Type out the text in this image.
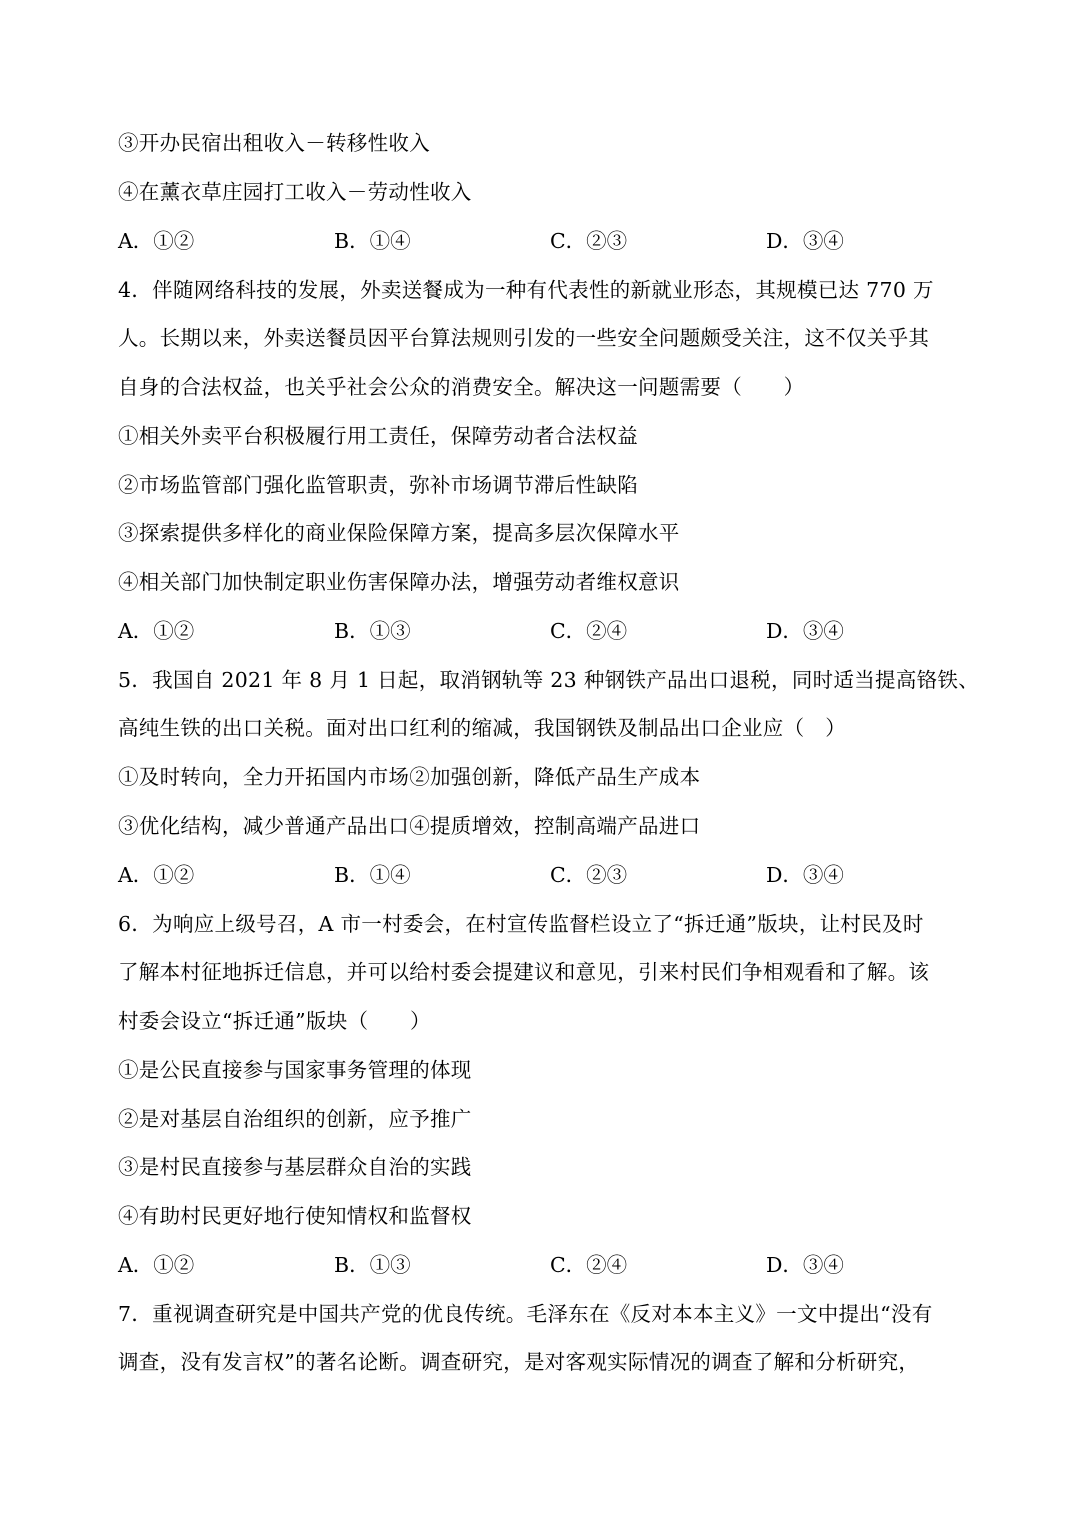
③开办民宿出租收入－转移性收入
④在薰衣草庄园打工收入－劳动性收入
A．①②	B．①④	C．②③	D．③④
4．伴随网络科技的发展，外卖送餐成为一种有代表性的新就业形态，其规模已达 770 万
人。长期以来，外卖送餐员因平台算法规则引发的一些安全问题颇受关注，这不仅关乎其
自身的合法权益，也关乎社会公众的消费安全。解决这一问题需要（　　）
①相关外卖平台积极履行用工责任，保障劳动者合法权益
②市场监管部门强化监管职责，弥补市场调节滞后性缺陷
③探索提供多样化的商业保险保障方案，提高多层次保障水平
④相关部门加快制定职业伤害保障办法，增强劳动者维权意识
A．①②	B．①③	C．②④	D．③④
5．我国自 2021 年 8 月 1 日起，取消钢轨等 23 种钢铁产品出口退税，同时适当提高铬铁、
高纯生铁的出口关税。面对出口红利的缩减，我国钢铁及制品出口企业应（　）
①及时转向，全力开拓国内市场②加强创新，降低产品生产成本
③优化结构，减少普通产品出口④提质增效，控制高端产品进口
A．①②	B．①④	C．②③	D．③④
6．为响应上级号召，A 市一村委会，在村宣传监督栏设立了“拆迁通”版块，让村民及时
了解本村征地拆迁信息，并可以给村委会提建议和意见，引来村民们争相观看和了解。该
村委会设立“拆迁通”版块（　　）
①是公民直接参与国家事务管理的体现
②是对基层自治组织的创新，应予推广
③是村民直接参与基层群众自治的实践
④有助村民更好地行使知情权和监督权
A．①②	B．①③	C．②④	D．③④
7．重视调查研究是中国共产党的优良传统。毛泽东在《反对本本主义》一文中提出“没有
调查，没有发言权”的著名论断。调查研究，是对客观实际情况的调查了解和分析研究，
